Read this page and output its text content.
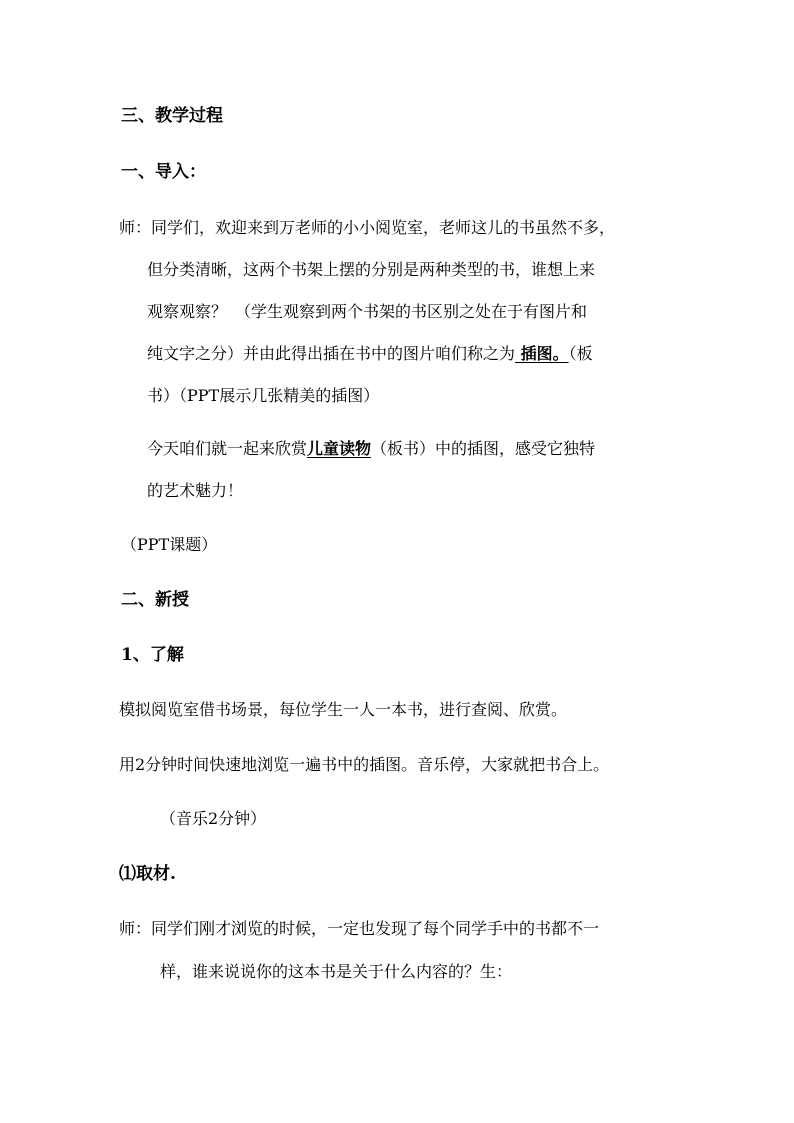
三、教学过程
一、导入：
师：同学们，欢迎来到万老师的小小阅览室，老师这儿的书虽然不多，
但分类清晰，这两个书架上摆的分别是两种类型的书，谁想上来
观察观察？　（学生观察到两个书架的书区别之处在于有图片和
纯文字之分）并由此得出插在书中的图片咱们称之为 插图。（板
书）（PPT展示几张精美的插图）
今天咱们就一起来欣赏儿童读物（板书）中的插图，感受它独特
的艺术魅力！
（PPT课题）
二、新授
1、了解
模拟阅览室借书场景，每位学生一人一本书，进行查阅、欣赏。
用2分钟时间快速地浏览一遍书中的插图。音乐停，大家就把书合上。
（音乐2分钟）
⑴取材.
师：同学们刚才浏览的时候，一定也发现了每个同学手中的书都不一
样，谁来说说你的这本书是关于什么内容的？生：
